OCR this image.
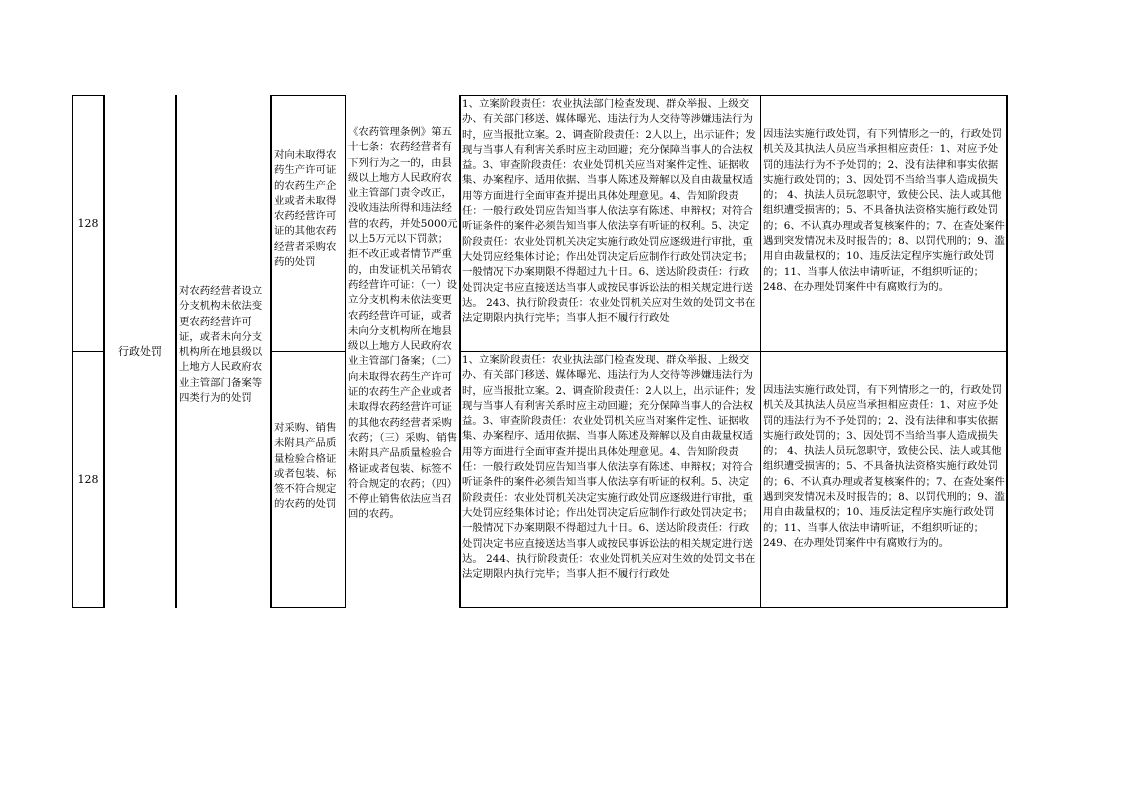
128
128
行政处罚
对农药经营者设立分支机构未依法变更农药经营许可证，或者未向分支机构所在地县级以上地方人民政府农业主管部门备案等四类行为的处罚
对向未取得农药生产许可证的农药生产企业或者未取得农药经营许可证的其他农药经营者采购农药的处罚
对采购、销售未附具产品质量检验合格证或者包装、标签不符合规定的农药的处罚
《农药管理条例》第五十七条：农药经营者有下列行为之一的，由县级以上地方人民政府农业主管部门责令改正，没收违法所得和违法经营的农药，并处5000元以上5万元以下罚款；拒不改正或者情节严重的，由发证机关吊销农药经营许可证：（一）设立分支机构未依法变更农药经营许可证，或者未向分支机构所在地县级以上地方人民政府农业主管部门备案；（二）向未取得农药生产许可证的农药生产企业或者未取得农药经营许可证的其他农药经营者采购农药；（三）采购、销售未附具产品质量检验合格证或者包装、标签不符合规定的农药；（四）不停止销售依法应当召回的农药。
1、立案阶段责任：农业执法部门检查发现、群众举报、上级交办、有关部门移送、媒体曝光、违法行为人交待等涉嫌违法行为时，应当报批立案。2、调查阶段责任：2人以上，出示证件；发现与当事人有利害关系时应主动回避；充分保障当事人的合法权益。3、审查阶段责任：农业处罚机关应当对案件定性、证据收集、办案程序、适用依据、当事人陈述及辩解以及自由裁量权适用等方面进行全面审查并提出具体处理意见。4、告知阶段责任：一般行政处罚应告知当事人依法享有陈述、申辩权；对符合听证条件的案件必须告知当事人依法享有听证的权利。5、决定阶段责任：农业处罚机关决定实施行政处罚应逐级进行审批，重大处罚应经集体讨论；作出处罚决定后应制作行政处罚决定书；一般情况下办案期限不得超过九十日。6、送达阶段责任：行政处罚决定书应直接送达当事人或按民事诉讼法的相关规定进行送达。 243、执行阶段责任：农业处罚机关应对生效的处罚文书在法定期限内执行完毕；当事人拒不履行行政处
1、立案阶段责任：农业执法部门检查发现、群众举报、上级交办、有关部门移送、媒体曝光、违法行为人交待等涉嫌违法行为时，应当报批立案。2、调查阶段责任：2人以上，出示证件；发现与当事人有利害关系时应主动回避；充分保障当事人的合法权益。3、审查阶段责任：农业处罚机关应当对案件定性、证据收集、办案程序、适用依据、当事人陈述及辩解以及自由裁量权适用等方面进行全面审查并提出具体处理意见。4、告知阶段责任：一般行政处罚应告知当事人依法享有陈述、申辩权；对符合听证条件的案件必须告知当事人依法享有听证的权利。5、决定阶段责任：农业处罚机关决定实施行政处罚应逐级进行审批，重大处罚应经集体讨论；作出处罚决定后应制作行政处罚决定书；一般情况下办案期限不得超过九十日。6、送达阶段责任：行政处罚决定书应直接送达当事人或按民事诉讼法的相关规定进行送达。 244、执行阶段责任：农业处罚机关应对生效的处罚文书在法定期限内执行完毕；当事人拒不履行行政处
因违法实施行政处罚，有下列情形之一的，行政处罚机关及其执法人员应当承担相应责任：1、对应予处罚的违法行为不予处罚的；2、没有法律和事实依据实施行政处罚的；3、因处罚不当给当事人造成损失的； 4、执法人员玩忽职守，致使公民、法人或其他组织遭受损害的；5、不具备执法资格实施行政处罚的；6、不认真办理或者复核案件的；7、在查处案件遇到突发情况未及时报告的；8、以罚代刑的；9、滥用自由裁量权的；10、违反法定程序实施行政处罚的；11、当事人依法申请听证，不组织听证的；248、在办理处罚案件中有腐败行为的。
因违法实施行政处罚，有下列情形之一的，行政处罚机关及其执法人员应当承担相应责任：1、对应予处罚的违法行为不予处罚的；2、没有法律和事实依据实施行政处罚的；3、因处罚不当给当事人造成损失的； 4、执法人员玩忽职守，致使公民、法人或其他组织遭受损害的；5、不具备执法资格实施行政处罚的；6、不认真办理或者复核案件的；7、在查处案件遇到突发情况未及时报告的；8、以罚代刑的；9、滥用自由裁量权的；10、违反法定程序实施行政处罚的；11、当事人依法申请听证，不组织听证的；249、在办理处罚案件中有腐败行为的。
